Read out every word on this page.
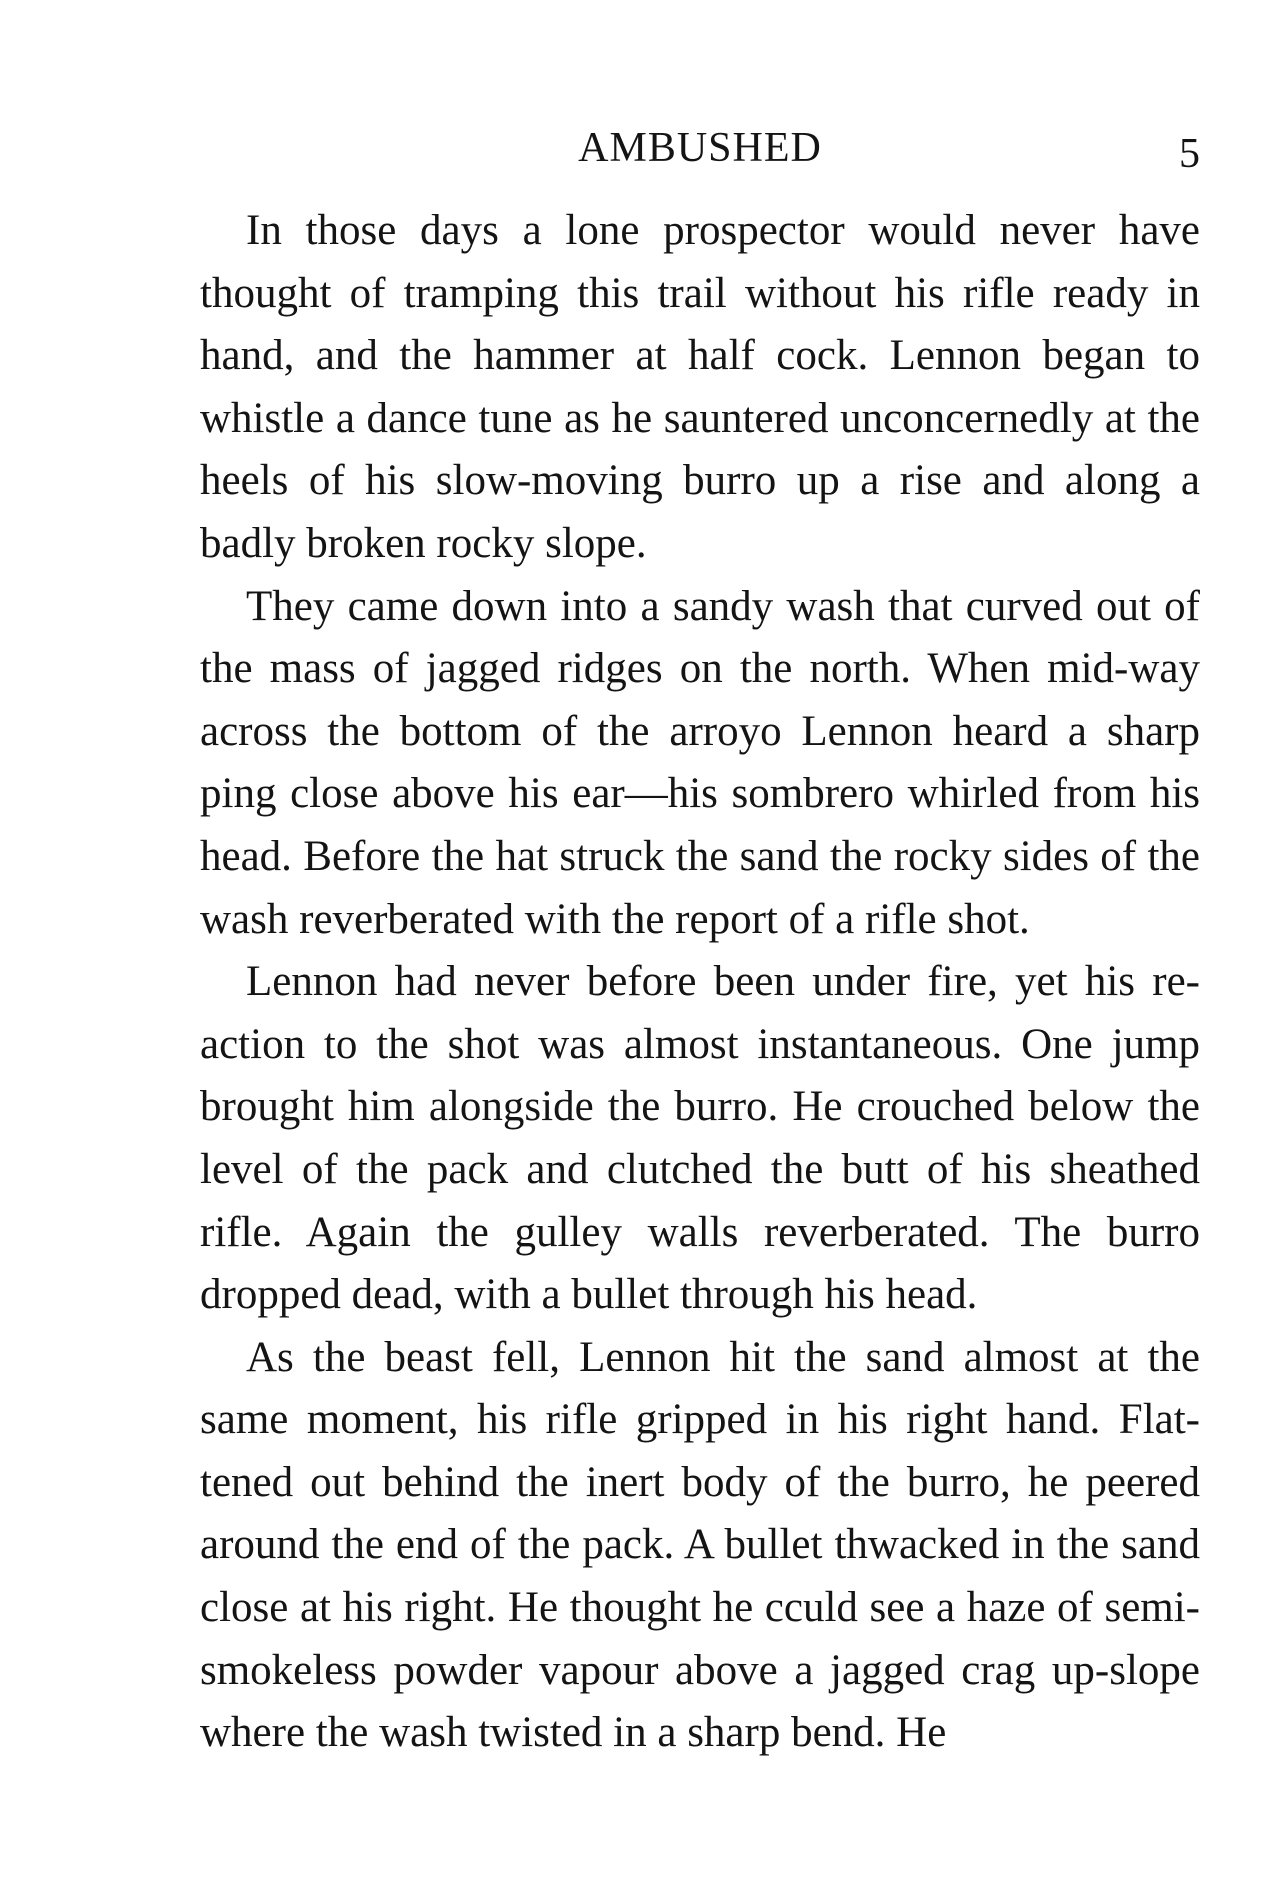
AMBUSHED	5

In those days a lone prospector would never have thought of tramping this trail without his rifle ready in hand, and the hammer at half cock. Lennon began to whistle a dance tune as he sauntered unconcernedly at the heels of his slow-moving burro up a rise and along a badly broken rocky slope.

They came down into a sandy wash that curved out of the mass of jagged ridges on the north. When mid-way across the bottom of the arroyo Lennon heard a sharp ping close above his ear—his sombrero whirled from his head. Before the hat struck the sand the rocky sides of the wash reverberated with the report of a rifle shot.

Lennon had never before been under fire, yet his re-action to the shot was almost instantaneous. One jump brought him alongside the burro. He crouched below the level of the pack and clutched the butt of his sheathed rifle. Again the gulley walls reverberated. The burro dropped dead, with a bullet through his head.

As the beast fell, Lennon hit the sand almost at the same moment, his rifle gripped in his right hand. Flat-tened out behind the inert body of the burro, he peered around the end of the pack. A bullet thwacked in the sand close at his right. He thought he cculd see a haze of semi-smokeless powder vapour above a jagged crag up-slope where the wash twisted in a sharp bend. He
